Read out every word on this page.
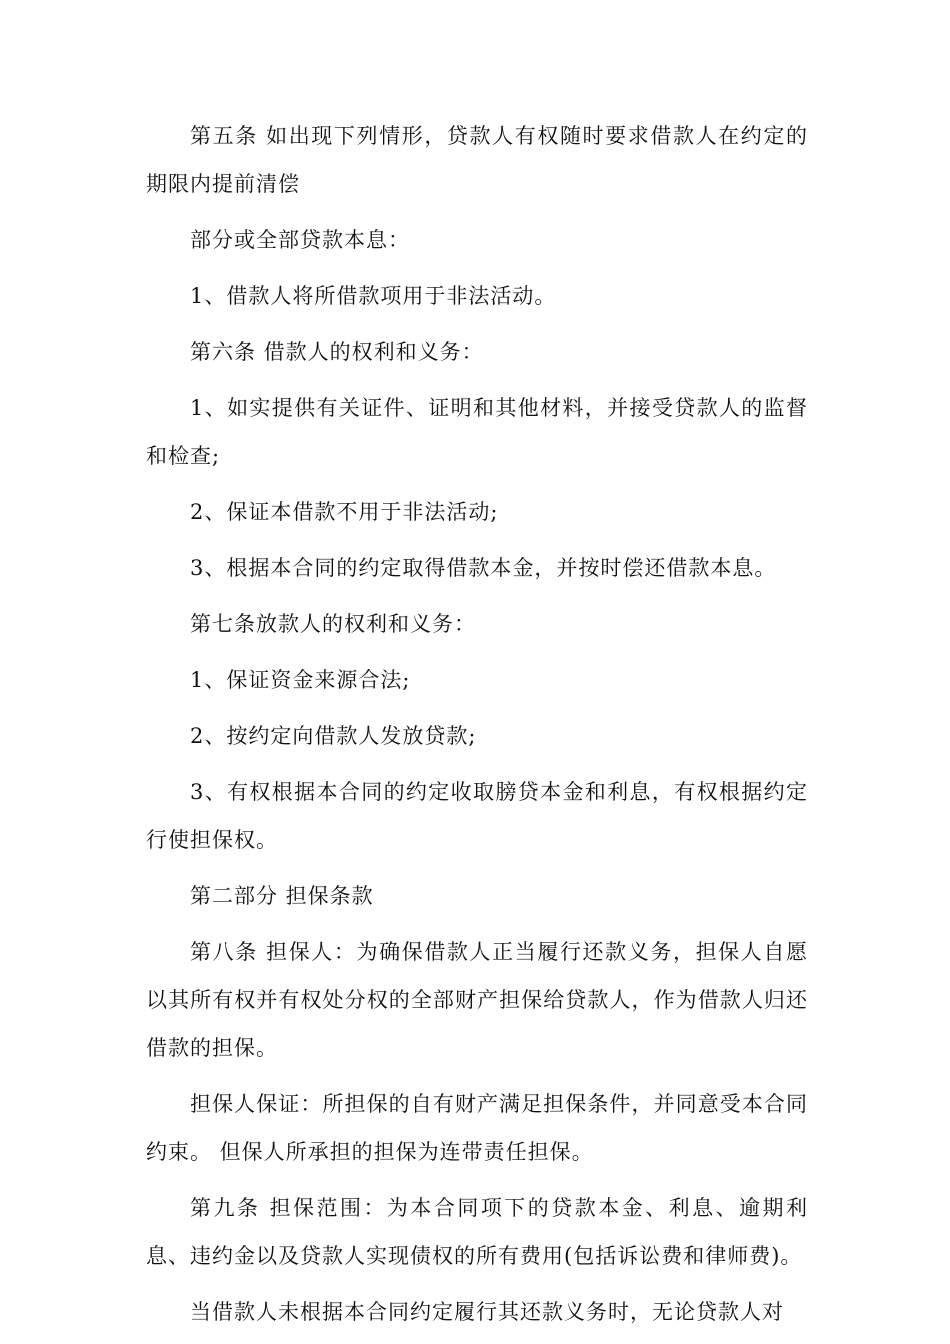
第五条 如出现下列情形，贷款人有权随时要求借款人在约定的期限内提前清偿

部分或全部贷款本息：

1、借款人将所借款项用于非法活动。

第六条 借款人的权利和义务：

1、如实提供有关证件、证明和其他材料，并接受贷款人的监督和检查;

2、保证本借款不用于非法活动;

3、根据本合同的约定取得借款本金，并按时偿还借款本息。

第七条放款人的权利和义务：

1、保证资金来源合法;

2、按约定向借款人发放贷款;

3、有权根据本合同的约定收取膀贷本金和利息，有权根据约定行使担保权。

第二部分 担保条款

第八条 担保人：为确保借款人正当履行还款义务，担保人自愿以其所有权并有权处分权的全部财产担保给贷款人，作为借款人归还借款的担保。

担保人保证：所担保的自有财产满足担保条件，并同意受本合同约束。 但保人所承担的担保为连带责任担保。

第九条 担保范围：为本合同项下的贷款本金、利息、逾期利息、违约金以及贷款人实现债权的所有费用(包括诉讼费和律师费)。

当借款人未根据本合同约定履行其还款义务时，无论贷款人对
